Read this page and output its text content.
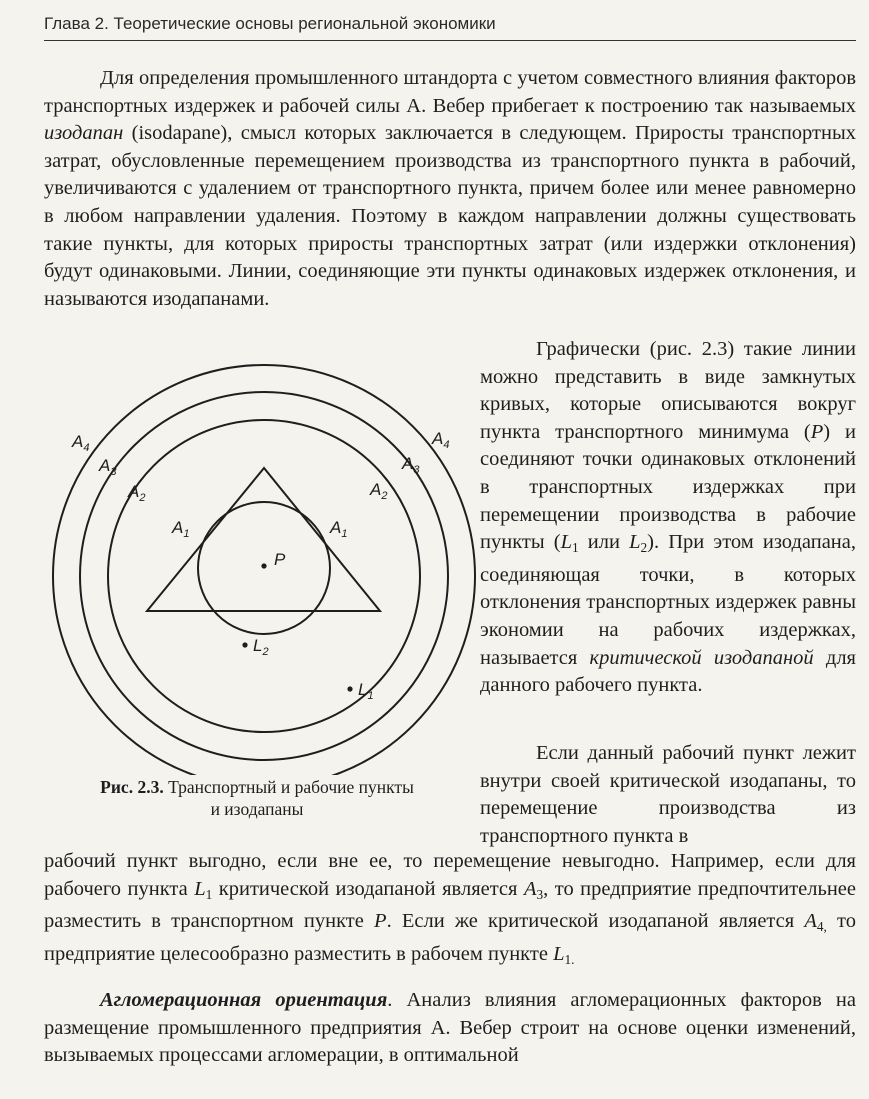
Глава 2. Теоретические основы региональной экономики

Для определения промышленного штандорта с учетом совместного влияния факторов транспортных издержек и рабочей силы А. Вебер прибегает к построению так называемых изодапан (isodapane), смысл которых заключается в следующем. Приросты транспортных затрат, обусловленные перемещением производства из транспортного пункта в рабочий, увеличиваются с удалением от транспортного пункта, причем более или менее равномерно в любом направлении удаления. Поэтому в каждом направлении должны существовать такие пункты, для которых приросты транспортных затрат (или издержки отклонения) будут одинаковыми. Линии, соединяющие эти пункты одинаковых издержек отклонения, и называются изодапанами.

Графически (рис. 2.3) такие линии можно представить в виде замкнутых кривых, которые описываются вокруг пункта транспортного минимума (P) и соединяют точки одинаковых отклонений в транспортных издержках при перемещении производства в рабочие пункты ($L_1$ или $L_2$). При этом изодапана, соединяющая точки, в которых отклонения транспортных издержек равны экономии на рабочих издержках, называется критической изодапаной для данного рабочего пункта.

Если данный рабочий пункт лежит внутри своей критической изодапаны, то перемещение производства из транспортного пункта в

рабочий пункт выгодно, если вне ее, то перемещение невыгодно. Например, если для рабочего пункта $L_1$ критической изодапаной является $A_3$, то предприятие предпочтительнее разместить в транспортном пункте P. Если же критической изодапаной является $A_{4,}$ то предприятие целесообразно разместить в рабочем пункте $L_{1.}$

Агломерационная ориентация. Анализ влияния агломерационных факторов на размещение промышленного предприятия А. Вебер строит на основе оценки изменений, вызываемых процессами агломерации, в оптимальной

P
$L_2$
$L_1$
$A_4$
$A_3$
$A_2$
$A_1$
$A_4$
$A_3$
$A_2$
$A_1$
Рис. 2.3. Транспортный и рабочие пункты
и изодапаны
